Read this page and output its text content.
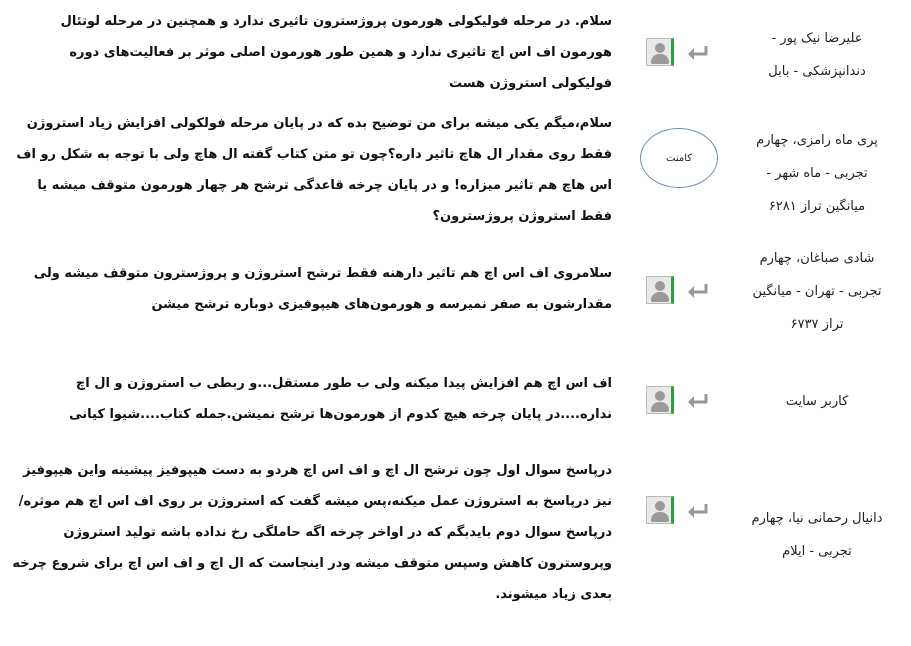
علیرضا نیک پور -
دندانپزشکی - بابل
سلام. در مرحله فولیکولی هورمون پروژسترون تاثیری ندارد و همچنین در مرحله لوتئال هورمون اف اس اچ تاثیری ندارد و همین طور هورمون اصلی موثر بر فعالیت‌های دوره فولیکولی استروژن هست
پری ماه رامزی، چهارم
تجربی - ماه شهر -
میانگین تراز ۶۲۸۱
کامنت
سلام،میگم یکی میشه برای من توضیح بده که در پایان مرحله فولکولی افزایش زیاد استروژن فقط روی مقدار ال هاچ تاثیر داره؟چون تو متن کتاب گفته ال هاچ ولی با توجه به شکل رو اف اس هاچ هم تاثیر میزاره! و در پایان چرخه قاعدگی ترشح هر چهار هورمون متوقف میشه یا فقط استروژن پروژسترون؟
شادی صباغان، چهارم
تجربی - تهران - میانگین
تراز ۶۷۳۷
سلامروی اف اس اچ هم تاثیر دارهنه فقط ترشح استروژن و پروژسترون متوقف میشه ولی مقدارشون به صفر نمیرسه و هورمون‌های هیپوفیزی دوباره ترشح میشن
کاربر سایت
اف اس اچ هم افزایش پیدا میکنه ولی ب طور مستقل...و ربطی ب استروژن و ال اچ نداره....در پایان چرخه هیچ کدوم از هورمون‌ها ترشح نمیشن.جمله کتاب....شیوا کیانی
دانیال رحمانی نیا، چهارم
تجربی - ایلام
درپاسخ سوال اول چون ترشح ال اچ و اف اس اچ هردو به دست هیپوفیز پیشینه واین هیپوفیز نیز درپاسخ به استروژن عمل میکنه،پس میشه گفت که استروژن بر روی اف اس اچ هم موثره/درپاسخ سوال دوم بایدبگم که در اواخر چرخه اگه حاملگی رخ نداده باشه تولید استروژن وپروسترون کاهش وسپس متوقف میشه ودر اینجاست که ال اچ و اف اس اچ برای شروع چرخه بعدی زیاد میشوند.
